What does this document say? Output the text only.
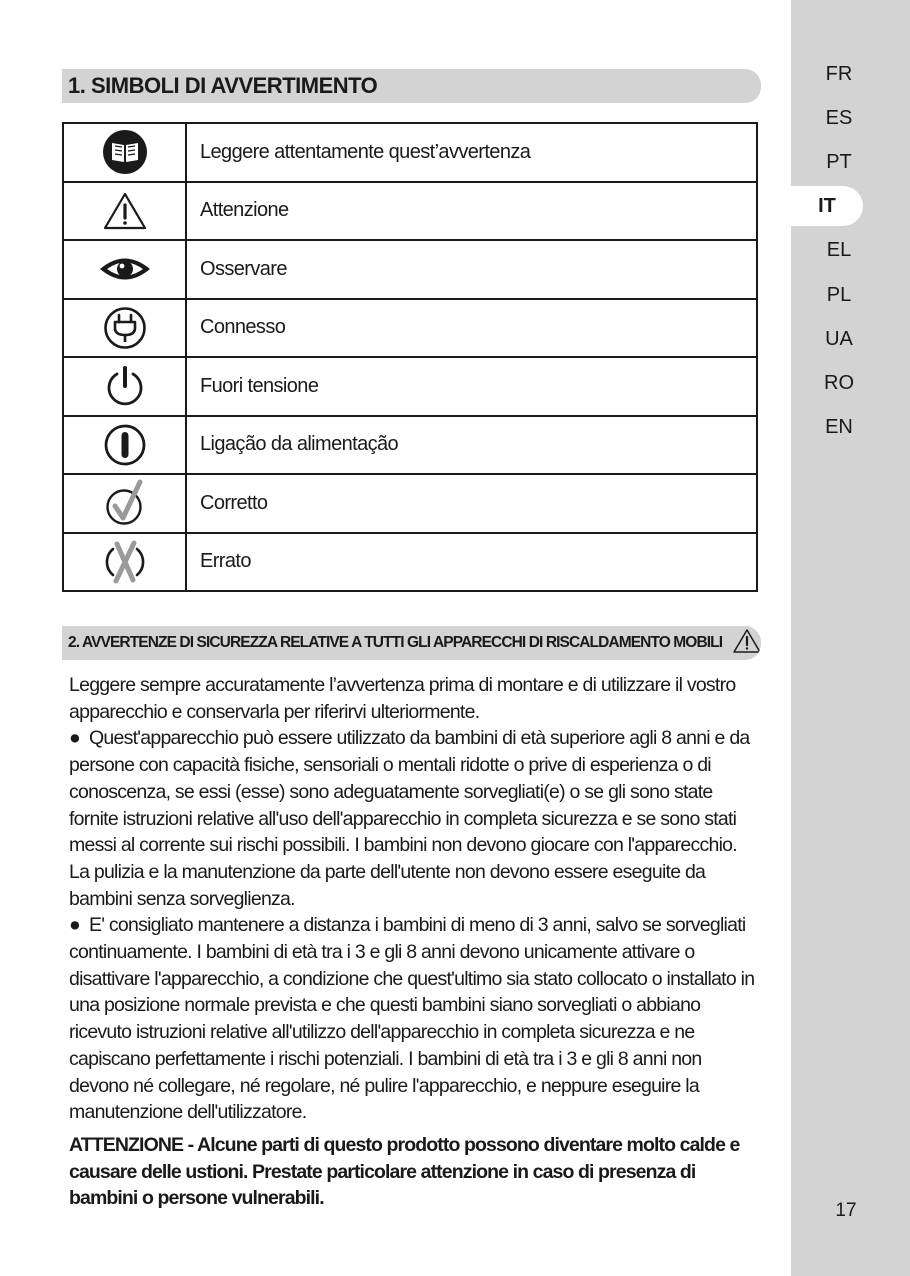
FR
ES
PT
IT
EL
PL
UA
RO
EN
17
1. SIMBOLI DI AVVERTIMENTO
	Leggere attentamente quest’avvertenza

	Attenzione

	Osservare

	Connesso

	Fuori tensione

	Ligação da alimentação

	Corretto

	Errato
2. AVVERTENZE DI SICUREZZA RELATIVE A TUTTI GLI APPARECCHI DI RISCALDAMENTO MOBILI

Leggere sempre accuratamente l’avvertenza prima di montare e di utilizzare il vostro apparecchio e conservarla per riferirvi ulteriormente.

● Quest'apparecchio può essere utilizzato da bambini di età superiore agli 8 anni e da persone con capacità fisiche, sensoriali o mentali ridotte o prive di esperienza o di conoscenza, se essi (esse) sono adeguatamente sorvegliati(e) o se gli sono state fornite istruzioni relative all'uso dell'apparecchio in completa sicurezza e se sono stati messi al corrente sui rischi possibili. I bambini non devono giocare con l'apparecchio.

La pulizia e la manutenzione da parte dell'utente non devono essere eseguite da bambini senza sorveglienza.

● E' consigliato mantenere a distanza i bambini di meno di 3 anni, salvo se sorvegliati continuamente. I bambini di età tra i 3 e gli 8 anni devono unicamente attivare o disattivare l'apparecchio, a condizione che quest'ultimo sia stato collocato o installato in una posizione normale prevista e che questi bambini siano sorvegliati o abbiano ricevuto istruzioni relative all'utilizzo dell'apparecchio in completa sicurezza e ne capiscano perfettamente i rischi potenziali. I bambini di età tra i 3 e gli 8 anni non devono né collegare, né regolare, né pulire l'apparecchio, e neppure eseguire la manutenzione dell'utilizzatore.

ATTENZIONE - Alcune parti di questo prodotto possono diventare molto calde e causare delle ustioni. Prestate particolare attenzione in caso di presenza di bambini o persone vulnerabili.
